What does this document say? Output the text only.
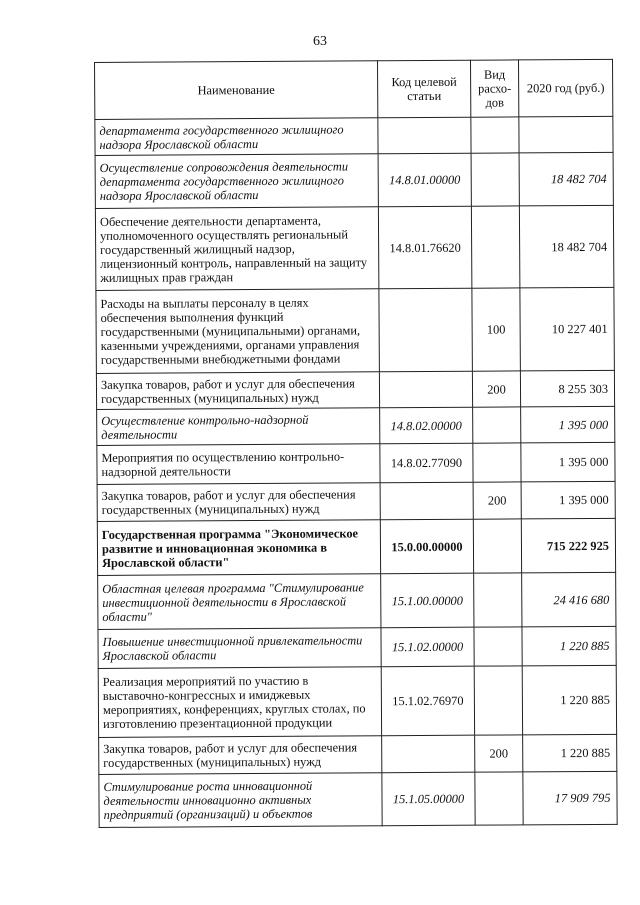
63
Наименование	Код целевой статьи	Вид расхо-дов	2020 год (руб.)
департамента государственного жилищного надзора Ярославской области			
Осуществление сопровождения деятельности департамента государственного жилищного надзора Ярославской области	14.8.01.00000		18 482 704
Обеспечение деятельности департамента, уполномоченного осуществлять региональный государственный жилищный надзор, лицензионный контроль, направленный на защиту жилищных прав граждан	14.8.01.76620		18 482 704
Расходы на выплаты персоналу в целях обеспечения выполнения функций государственными (муниципальными) органами, казенными учреждениями, органами управления государственными внебюджетными фондами		100	10 227 401
Закупка товаров, работ и услуг для обеспечения государственных (муниципальных) нужд		200	8 255 303
Осуществление контрольно-надзорной деятельности	14.8.02.00000		1 395 000
Мероприятия по осуществлению контрольно-надзорной деятельности	14.8.02.77090		1 395 000
Закупка товаров, работ и услуг для обеспечения государственных (муниципальных) нужд		200	1 395 000
Государственная программа "Экономическое развитие и инновационная экономика в Ярославской области"	15.0.00.00000		715 222 925
Областная целевая программа "Стимулирование инвестиционной деятельности в Ярославской области"	15.1.00.00000		24 416 680
Повышение инвестиционной привлекательности Ярославской области	15.1.02.00000		1 220 885
Реализация мероприятий по участию в выставочно-конгрессных и имиджевых мероприятиях, конференциях, круглых столах, по изготовлению презентационной продукции	15.1.02.76970		1 220 885
Закупка товаров, работ и услуг для обеспечения государственных (муниципальных) нужд		200	1 220 885
Стимулирование роста инновационной деятельности инновационно активных предприятий (организаций) и объектов	15.1.05.00000		17 909 795
